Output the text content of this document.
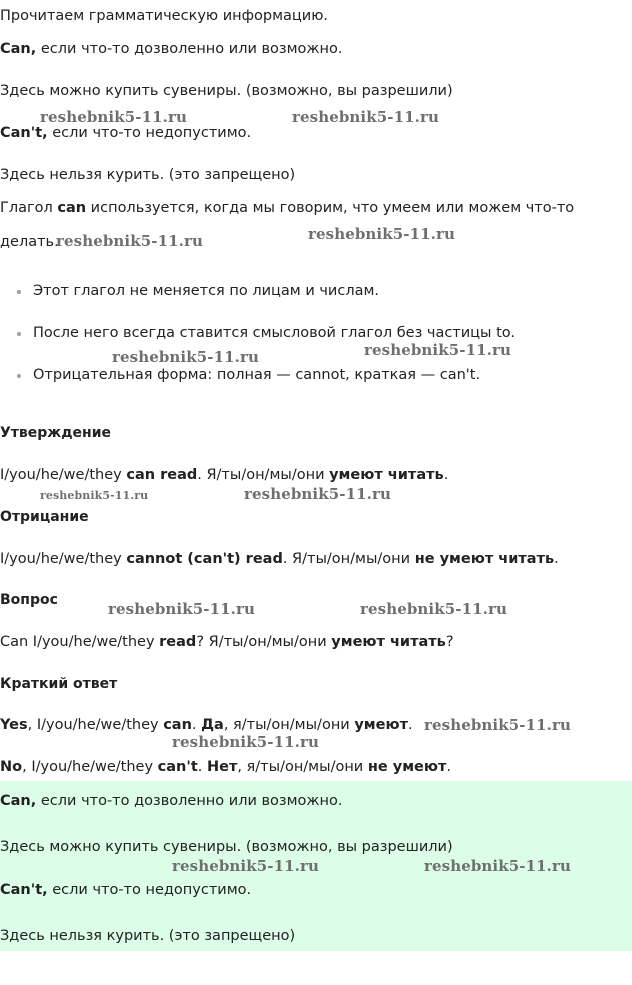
Прочитаем грамматическую информацию.

Can, если что-то дозволенно или возможно.

Здесь можно купить сувениры. (возможно, вы разрешили)

Can't, если что-то недопустимо.

Здесь нельзя курить. (это запрещено)

Глагол can используется, когда мы говорим, что умеем или можем что-то

делать.

Этот глагол не меняется по лицам и числам.
После него всегда ставится смысловой глагол без частицы to.
Отрицательная форма: полная — cannot, краткая — can't.

Утверждение

I/you/he/we/they can read. Я/ты/он/мы/они умеют читать.

Отрицание

I/you/he/we/they cannot (can't) read. Я/ты/он/мы/они не умеют читать.

Вопрос

Can I/you/he/we/they read? Я/ты/он/мы/они умеют читать?

Краткий ответ

Yes, I/you/he/we/they can. Да, я/ты/он/мы/они умеют.

No, I/you/he/we/they can't. Нет, я/ты/он/мы/они не умеют.

Can, если что-то дозволенно или возможно.

Здесь можно купить сувениры. (возможно, вы разрешили)

Can't, если что-то недопустимо.

Здесь нельзя курить. (это запрещено)

reshebnik5-11.ru	reshebnik5-11.ru
reshebnik5-11.ru	reshebnik5-11.ru
reshebnik5-11.ru	reshebnik5-11.ru
reshebnik5-11.ru	reshebnik5-11.ru
reshebnik5-11.ru	reshebnik5-11.ru
reshebnik5-11.ru
reshebnik5-11.ru
reshebnik5-11.ru	reshebnik5-11.ru
